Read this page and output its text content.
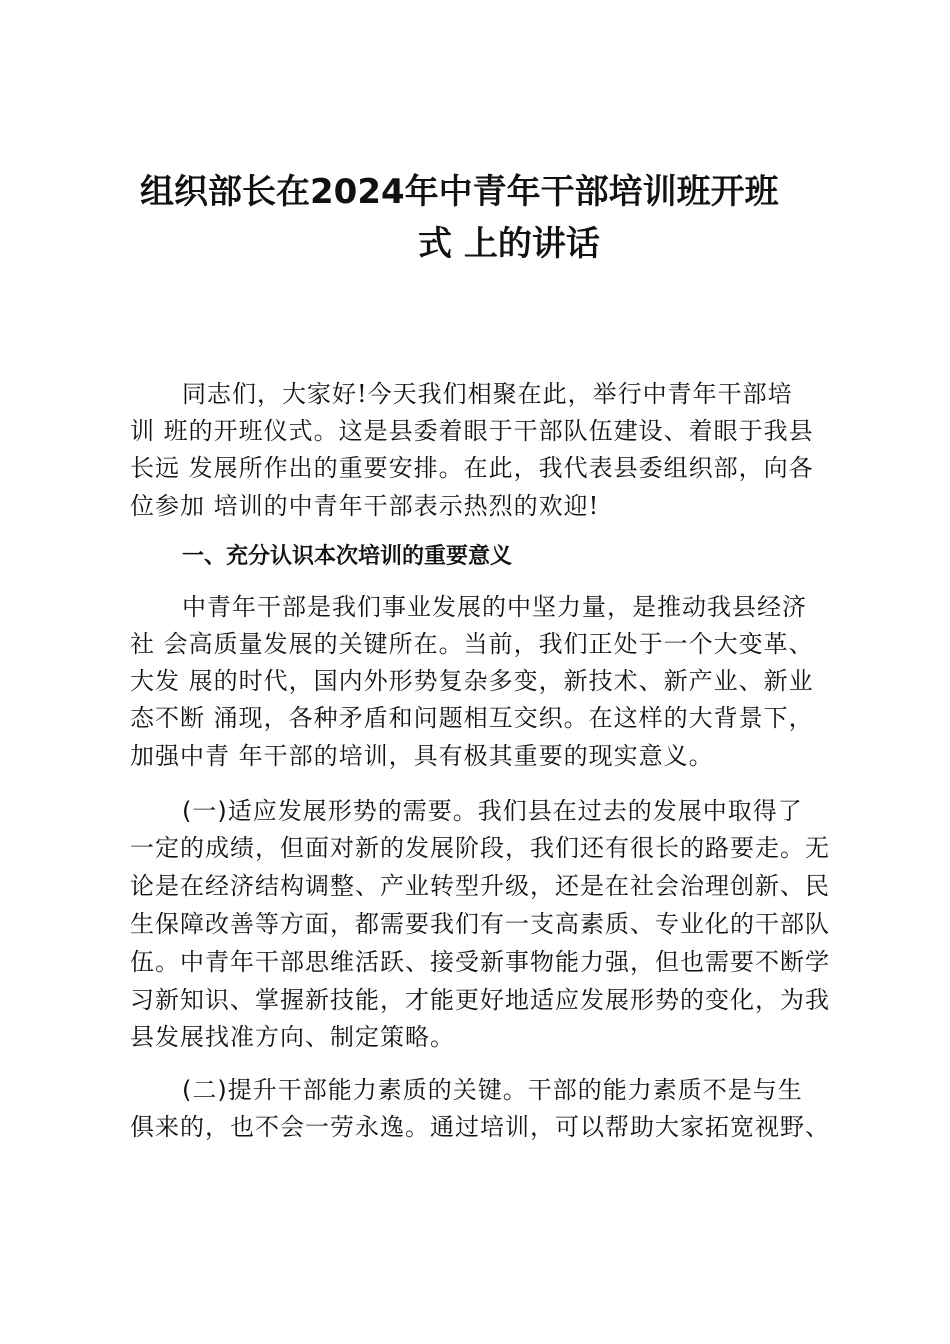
组织部长在2024年中青年干部培训班开班
式 上的讲话
同志们，大家好!今天我们相聚在此，举行中青年干部培
训 班的开班仪式。这是县委着眼于干部队伍建设、着眼于我县
长远 发展所作出的重要安排。在此，我代表县委组织部，向各
位参加 培训的中青年干部表示热烈的欢迎!
一、充分认识本次培训的重要意义
中青年干部是我们事业发展的中坚力量，是推动我县经济
社 会高质量发展的关键所在。当前，我们正处于一个大变革、
大发 展的时代，国内外形势复杂多变，新技术、新产业、新业
态不断 涌现，各种矛盾和问题相互交织。在这样的大背景下，
加强中青 年干部的培训，具有极其重要的现实意义。
(一)适应发展形势的需要。我们县在过去的发展中取得了
一定的成绩，但面对新的发展阶段，我们还有很长的路要走。无
论是在经济结构调整、产业转型升级，还是在社会治理创新、民
生保障改善等方面，都需要我们有一支高素质、专业化的干部队
伍。中青年干部思维活跃、接受新事物能力强，但也需要不断学
习新知识、掌握新技能，才能更好地适应发展形势的变化，为我
县发展找准方向、制定策略。
(二)提升干部能力素质的关键。干部的能力素质不是与生
俱来的，也不会一劳永逸。通过培训，可以帮助大家拓宽视野、
